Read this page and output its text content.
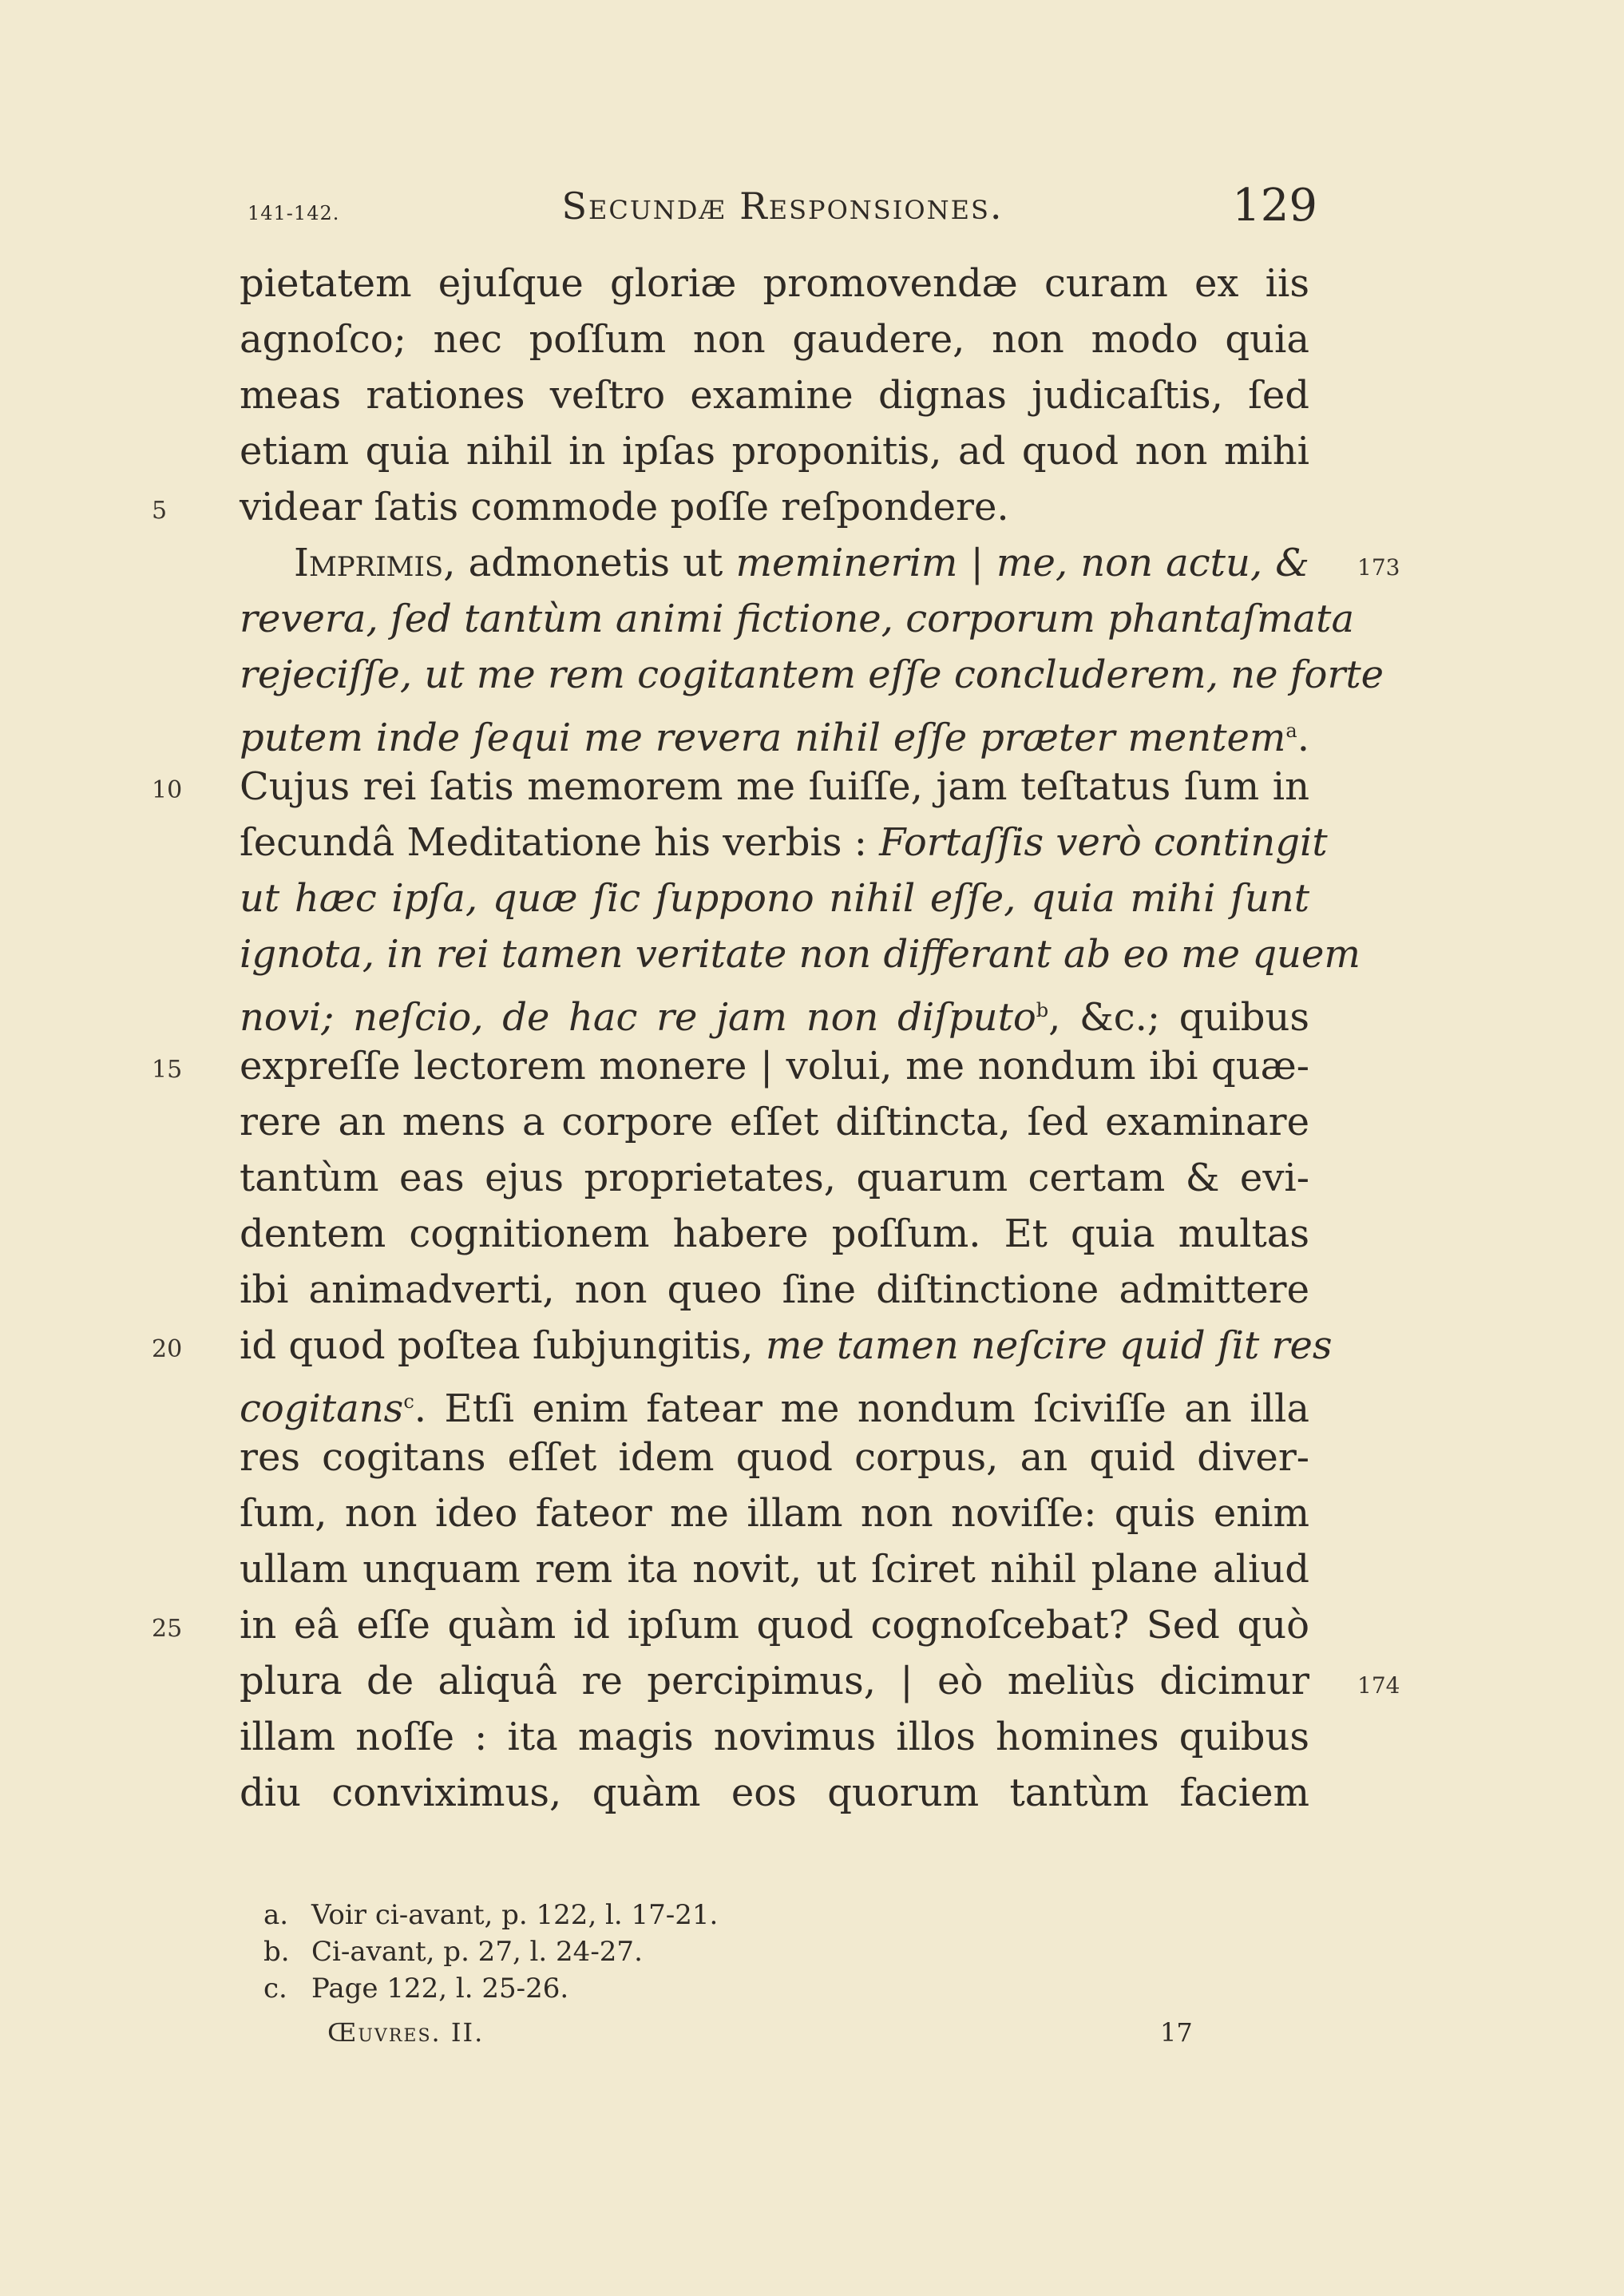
141-142.	Secundæ Responsiones.	129
pietatem ejuſque gloriæ promovendæ curam ex iis
agnoſco; nec poſſum non gaudere, non modo quia
meas rationes veſtro examine dignas judicaſtis, ſed
etiam quia nihil in ipſas proponitis, ad quod non mihi
videar ſatis commode poſſe reſpondere.
Imprimis, admonetis ut meminerim | me, non actu, &
revera, ſed tantùm animi fictione, corporum phantaſmata
rejeciſſe, ut me rem cogitantem eſſe concluderem, ne forte
putem inde ſequi me revera nihil eſſe præter mentem$^a$.
Cujus rei ſatis memorem me ſuiſſe, jam teſtatus ſum in
ſecundâ Meditatione his verbis : Fortaſſis verò contingit
ut hæc ipſa, quæ ſic ſuppono nihil eſſe, quia mihi ſunt
ignota, in rei tamen veritate non differant ab eo me quem
novi; neſcio, de hac re jam non diſputo$^b$, &c.; quibus
expreſſe lectorem monere | volui, me nondum ibi quæ-
rere an mens a corpore eſſet diſtincta, ſed examinare
tantùm eas ejus proprietates, quarum certam & evi-
dentem cognitionem habere poſſum. Et quia multas
ibi animadverti, non queo ſine diſtinctione admittere
id quod poſtea ſubjungitis, me tamen neſcire quid ſit res
cogitans$^c$. Etſi enim fatear me nondum ſciviſſe an illa
res cogitans eſſet idem quod corpus, an quid diver-
ſum, non ideo fateor me illam non noviſſe: quis enim
ullam unquam rem ita novit, ut ſciret nihil plane aliud
in eâ eſſe quàm id ipſum quod cognoſcebat? Sed quò
plura de aliquâ re percipimus, | eò meliùs dicimur
illam noſſe : ita magis novimus illos homines quibus
diu conviximus, quàm eos quorum tantùm faciem
5
10
15
20
25
173
174
a. Voir ci-avant, p. 122, l. 17-21.
b. Ci-avant, p. 27, l. 24-27.
c. Page 122, l. 25-26.
Œuvres. II.	17
